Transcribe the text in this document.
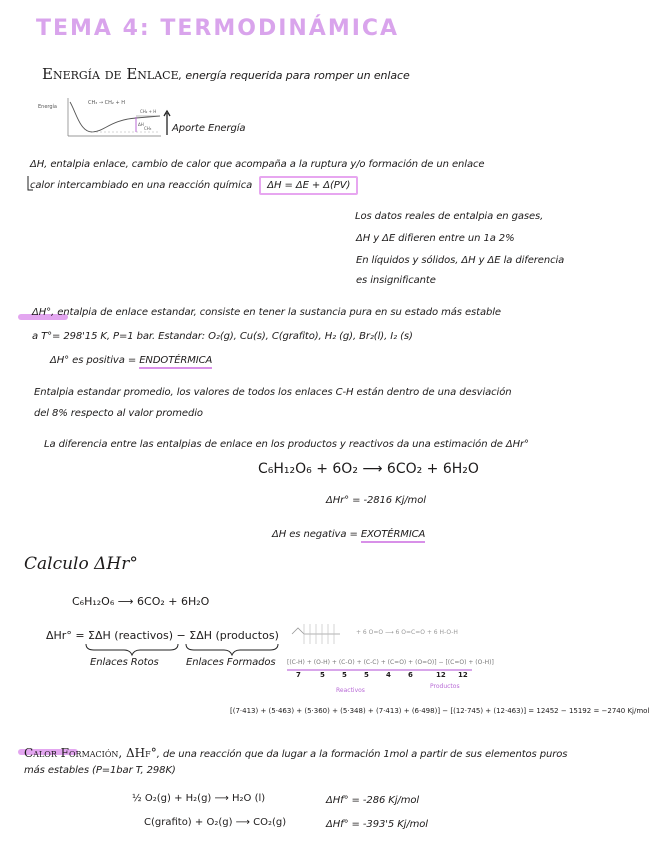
TEMA 4: TERMODINÁMICA
Energía de Enlace, energía requerida para romper un enlace
Energía
CH₃ → CH₂ + H
CH₂ + H
ΔH
CH₃ Aporte Energía
ΔH, entalpia enlace, cambio de calor que acompaña a la ruptura y/o formación de un enlace
calor intercambiado en una reacción química ΔH = ΔE + Δ(PV)
Los datos reales de entalpia en gases,
ΔH y ΔE difieren entre un 1a 2%
En líquidos y sólidos, ΔH y ΔE la diferencia
es insignificante
ΔH°, entalpia de enlace estandar, consiste en tener la sustancia pura en su estado más estable
a T°= 298'15 K, P=1 bar. Estandar: O₂(g), Cu(s), C(grafito), H₂ (g), Br₂(l), I₂ (s)
ΔH° es positiva = ENDOTÉRMICA
Entalpia estandar promedio, los valores de todos los enlaces C-H están dentro de una desviación
del 8% respecto al valor promedio
La diferencia entre las entalpias de enlace en los productos y reactivos da una estimación de ΔHr°
C₆H₁₂O₆ + 6O₂ ⟶ 6CO₂ + 6H₂O
ΔHr° = -2816 Kj/mol
ΔH es negativa = EXOTÉRMICA
Calculo ΔHr°
C₆H₁₂O₆ ⟶ 6CO₂ + 6H₂O
ΔHr° = ΣΔH (reactivos) − ΣΔH (productos)
Enlaces Rotos	Enlaces Formados
+ 6 O=O ⟶ 6 O=C=O + 6 H-O-H
[(C-H) + (O-H) + (C-O) + (C-C) + (C=O) + (O=O)] − [(C=O) + (O-H)]
7	5 5 5 4 6	12 12
Reactivos
Productos
[(7·413) + (5·463) + (5·360) + (5·348) + (7·413) + (6·498)] − [(12·745) + (12·463)] = 12452 − 15192 = −2740 Kj/mol
Calor Formación, ΔHf°, de una reacción que da lugar a la formación 1mol a partir de sus elementos puros
más estables (P=1bar T, 298K)
½ O₂(g) + H₂(g) ⟶ H₂O (l)	ΔHf° = -286 Kj/mol
C(grafito) + O₂(g) ⟶ CO₂(g)	ΔHf° = -393'5 Kj/mol
